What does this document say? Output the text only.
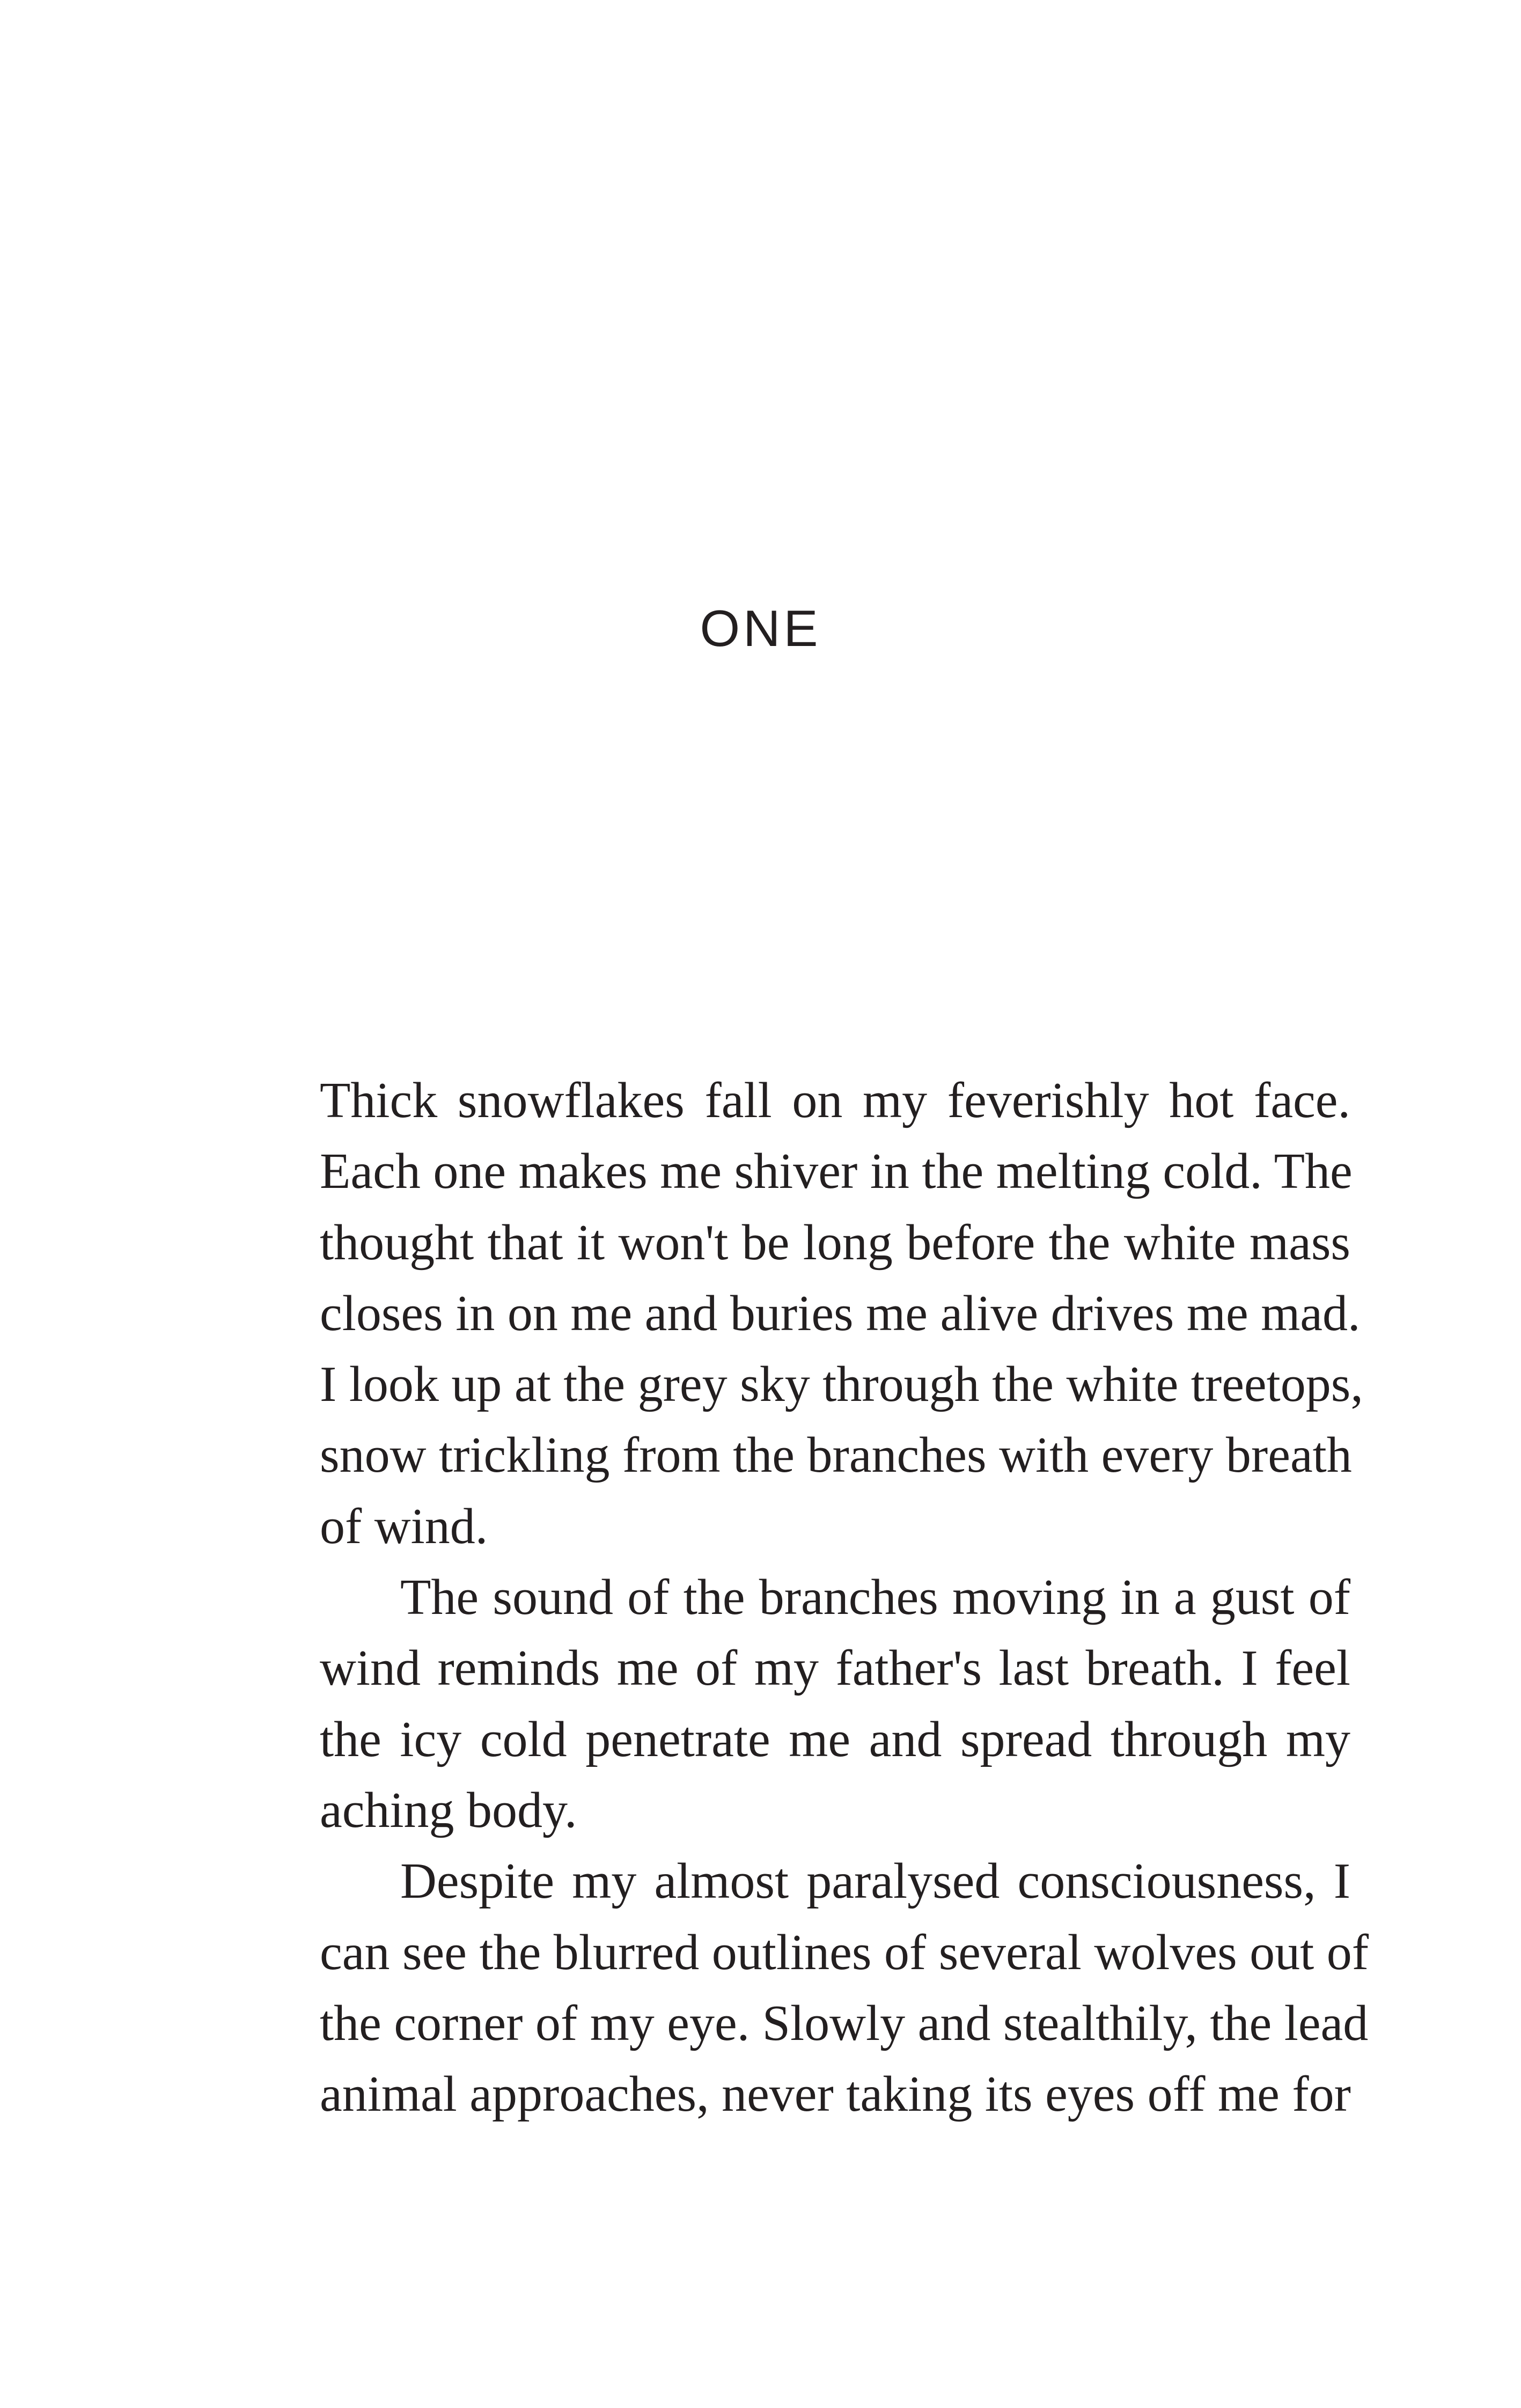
ONE
Thick snowflakes fall on my feverishly hot face.
Each one makes me shiver in the melting cold. The
thought that it won't be long before the white mass
closes in on me and buries me alive drives me mad.
I look up at the grey sky through the white treetops,
snow trickling from the branches with every breath
of wind.
The sound of the branches moving in a gust of
wind reminds me of my father's last breath. I feel
the icy cold penetrate me and spread through my
aching body.
Despite my almost paralysed consciousness, I
can see the blurred outlines of several wolves out of
the corner of my eye. Slowly and stealthily, the lead
animal approaches, never taking its eyes off me for
